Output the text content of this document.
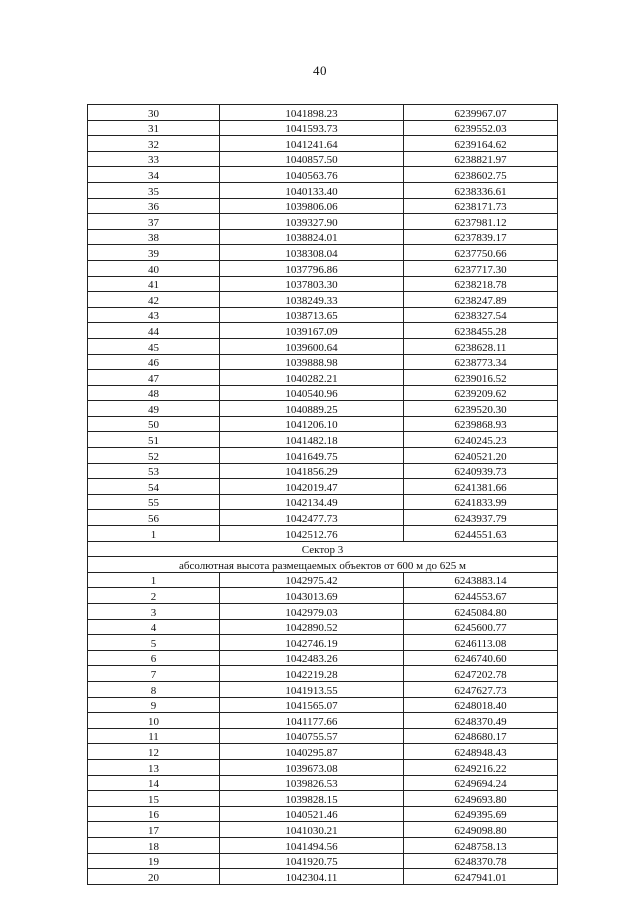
40
30	1041898.23	6239967.07
31	1041593.73	6239552.03
32	1041241.64	6239164.62
33	1040857.50	6238821.97
34	1040563.76	6238602.75
35	1040133.40	6238336.61
36	1039806.06	6238171.73
37	1039327.90	6237981.12
38	1038824.01	6237839.17
39	1038308.04	6237750.66
40	1037796.86	6237717.30
41	1037803.30	6238218.78
42	1038249.33	6238247.89
43	1038713.65	6238327.54
44	1039167.09	6238455.28
45	1039600.64	6238628.11
46	1039888.98	6238773.34
47	1040282.21	6239016.52
48	1040540.96	6239209.62
49	1040889.25	6239520.30
50	1041206.10	6239868.93
51	1041482.18	6240245.23
52	1041649.75	6240521.20
53	1041856.29	6240939.73
54	1042019.47	6241381.66
55	1042134.49	6241833.99
56	1042477.73	6243937.79
1	1042512.76	6244551.63
Сектор 3		
абсолютная высота размещаемых объектов от 600 м до 625 м		
1	1042975.42	6243883.14
2	1043013.69	6244553.67
3	1042979.03	6245084.80
4	1042890.52	6245600.77
5	1042746.19	6246113.08
6	1042483.26	6246740.60
7	1042219.28	6247202.78
8	1041913.55	6247627.73
9	1041565.07	6248018.40
10	1041177.66	6248370.49
11	1040755.57	6248680.17
12	1040295.87	6248948.43
13	1039673.08	6249216.22
14	1039826.53	6249694.24
15	1039828.15	6249693.80
16	1040521.46	6249395.69
17	1041030.21	6249098.80
18	1041494.56	6248758.13
19	1041920.75	6248370.78
20	1042304.11	6247941.01
